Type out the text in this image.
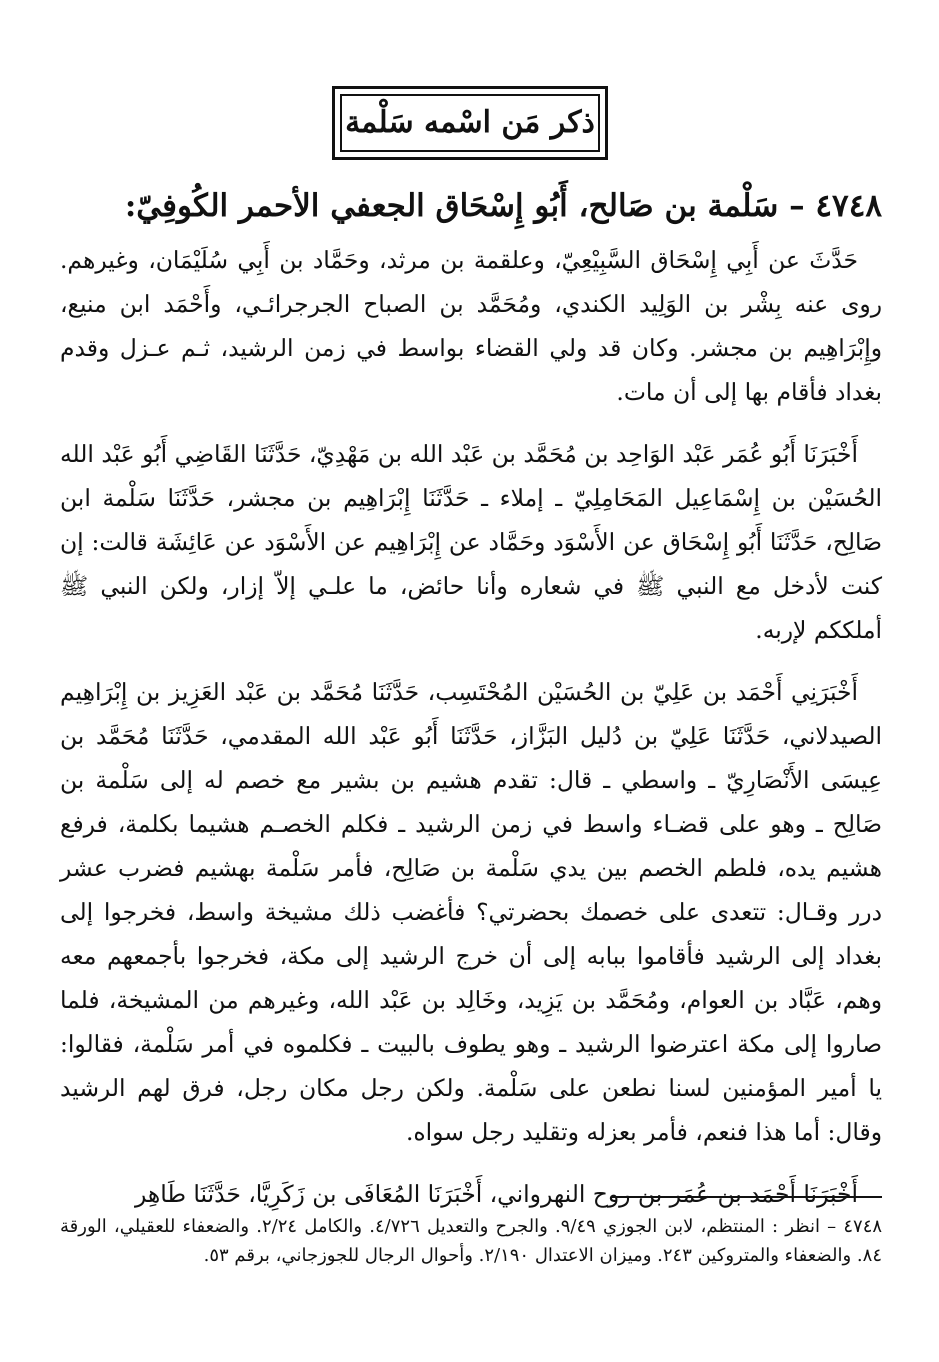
ذكر مَن اسْمه سَلْمة
٤٧٤٨ – سَلْمة بن صَالح، أَبُو إِسْحَاق الجعفي الأحمر الكُوفِيّ:

حَدَّثَ عن أَبِي إِسْحَاق السَّبِيْعِيّ، وعلقمة بن مرثد، وحَمَّاد بن أَبِي سُلَيْمَان، وغيرهم. روى عنه بِشْر بن الوَلِيد الكندي، ومُحَمَّد بن الصباح الجرجرائـي، وأَحْمَد ابن منيع، وإِبْرَاهِيم بن مجشر. وكان قد ولي القضاء بواسط في زمن الرشيد، ثـم عـزل وقدم بغداد فأقام بها إلى أن مات.

أَخْبَرَنَا أَبُو عُمَر عَبْد الوَاحِد بن مُحَمَّد بن عَبْد الله بن مَهْدِيّ، حَدَّثَنَا القَاضِي أَبُو عَبْد الله الحُسَيْن بن إِسْمَاعِيل المَحَامِلِيّ ـ إملاء ـ حَدَّثَنَا إِبْرَاهِيم بن مجشر، حَدَّثَنَا سَلْمة ابن صَالِح، حَدَّثَنَا أَبُو إِسْحَاق عن الأَسْوَد وحَمَّاد عن إِبْرَاهِيم عن الأَسْوَد عن عَائِشَة قالت: إن كنت لأدخل مع النبي ﷺ في شعاره وأنا حائض، ما علـي إلاّ إزار، ولكن النبي ﷺ أملككم لإربه.

أَخْبَرَنِي أَحْمَد بن عَلِيّ بن الحُسَيْن المُحْتَسِب، حَدَّثَنَا مُحَمَّد بن عَبْد العَزِيز بن إِبْرَاهِيم الصيدلاني، حَدَّثَنَا عَلِيّ بن دُليل البَزَّاز، حَدَّثَنَا أَبُو عَبْد الله المقدمي، حَدَّثَنَا مُحَمَّد بن عِيسَى الأَنْصَارِيّ ـ واسطي ـ قال: تقدم هشيم بن بشير مع خصم له إلى سَلْمة بن صَالِح ـ وهو على قضـاء واسط في زمن الرشيد ـ فكلم الخصـم هشيما بكلمة، فرفع هشيم يده، فلطم الخصم بين يدي سَلْمة بن صَالِح، فأمر سَلْمة بهشيم فضرب عشر درر وقـال: تتعدى على خصمك بحضرتي؟ فأغضب ذلك مشيخة واسط، فخرجوا إلى بغداد إلى الرشيد فأقاموا ببابه إلى أن خرج الرشيد إلى مكة، فخرجوا بأجمعهم معه وهم، عَبَّاد بن العوام، ومُحَمَّد بن يَزِيد، وخَالِد بن عَبْد الله، وغيرهم من المشيخة، فلما صاروا إلى مكة اعترضوا الرشيد ـ وهو يطوف بالبيت ـ فكلموه في أمر سَلْمة، فقالوا: يا أمير المؤمنين لسنا نطعن على سَلْمة. ولكن رجل مكان رجل، فرق لهم الرشيد وقال: أما هذا فنعم، فأمر بعزله وتقليد رجل سواه.

أَخْبَرَنَا أَحْمَد بن عُمَر بن روح النهرواني، أَخْبَرَنَا المُعَافَى بن زَكَرِيَّا، حَدَّثَنَا طَاهِر

٤٧٤٨ – انظر : المنتظم، لابن الجوزي ٩/٤٩. والجرح والتعديل ٤/٧٢٦. والكامل ٢/٢٤. والضعفاء للعقيلي، الورقة ٨٤. والضعفاء والمتروكين ٢٤٣. وميزان الاعتدال ٢/١٩٠. وأحوال الرجال للجوزجاني، برقم ٥٣.
